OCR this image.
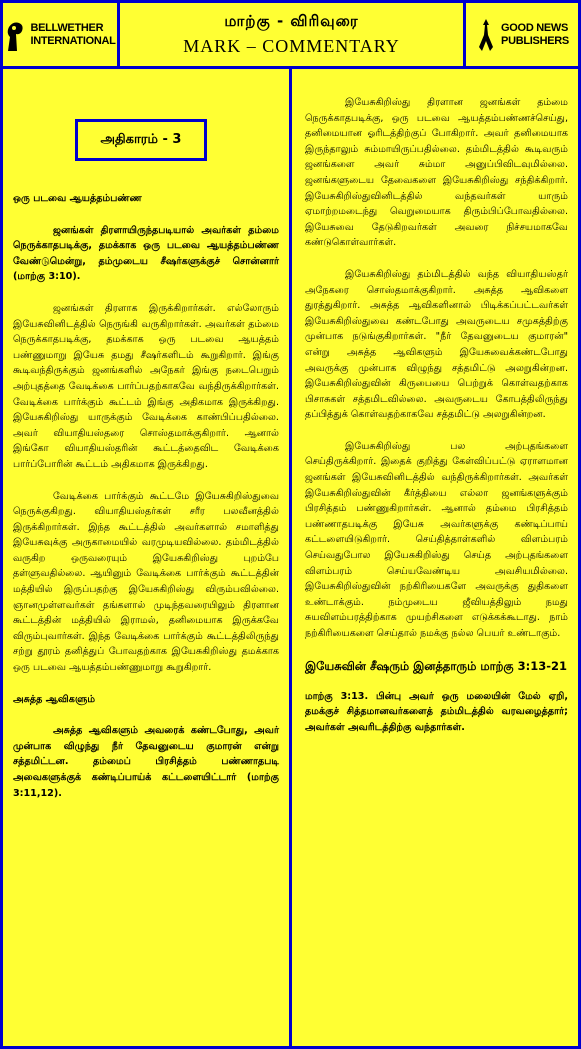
BELLWETHER
INTERNATIONAL
மாற்கு - விரிவுரை
MARK – COMMENTARY
GOOD NEWS
PUBLISHERS
அதிகாரம் - 3
ஒரு படவை ஆயத்தம்பண்ண

ஜனங்கள் திரளாயிருந்தபடியால் அவர்கள் தம்மை நெருக்காதபடிக்கு, தமக்காக ஒரு படவை ஆயத்தம்பண்ண வேண்டுமென்று, தம்முடைய சீஷர்களுக்குச் சொன்னார் (மாற்கு 3:10).

ஜனங்கள் திரளாக இருக்கிறார்கள். எல்லோரும் இயேசுவினிடத்தில் நெருங்கி வருகிறார்கள். அவர்கள் தம்மை நெருக்காதபடிக்கு, தமக்காக ஒரு படவை ஆயத்தம் பண்ணுமாறு இயேசு தமது சீஷர்களிடம் கூறுகிறார். இங்கு கூடிவந்திருக்கும் ஜனங்களில் அநேகர் இங்கு நடைபெறும் அற்புதத்தை வேடிக்கை பார்ப்பதற்காகவே வந்திருக்கிறார்கள். வேடிக்கை பார்க்கும் கூட்டம் இங்கு அதிகமாக இருக்கிறது. இயேசுகிறிஸ்து யாருக்கும் வேடிக்கை காண்பிப்பதில்லை. அவர் வியாதியஸ்தரை சொஸ்தமாக்குகிறார். ஆனால் இங்கோ வியாதியஸ்தரின் கூட்டத்தைவிட வேடிக்கை பார்ப்போரின் கூட்டம் அதிகமாக இருக்கிறது.

வேடிக்கை பார்க்கும் கூட்டமே இயேசுகிறிஸ்துவை நெருக்குகிறது. வியாதியஸ்தர்கள் சரீர பலவீனத்தில் இருக்கிறார்கள். இந்த கூட்டத்தில் அவர்களால் சமாளித்து இயேசுவுக்கு அருகாமையில் வரமுடியவில்லை. தம்மிடத்தில் வருகிற ஒருவரையும் இயேசுகிறிஸ்து புறம்பே தள்ளுவதில்லை. ஆயினும் வேடிக்கை பார்க்கும் கூட்டத்தின் மத்தியில் இருப்பதற்கு இயேசுகிறிஸ்து விரும்பவில்லை. ஞானமுள்ளவர்கள் தங்களால் முடிந்தவரையிலும் திரளான கூட்டத்தின் மத்தியில் இராமல், தனிமையாக இருக்கவே விரும்புவார்கள். இந்த வேடிக்கை பார்க்கும் கூட்டத்திலிருந்து சற்று தூரம் தனித்துப் போவதற்காக இயேசுகிறிஸ்து தமக்காக ஒரு படவை ஆயத்தம்பண்ணுமாறு கூறுகிறார்.

அசுத்த ஆவிகளும்

அசுத்த ஆவிகளும் அவரைக் கண்டபோது, அவர் முன்பாக விழுந்து நீர் தேவனுடைய குமாரன் என்று சத்தமிட்டன. தம்மைப் பிரசித்தம் பண்ணாதபடி அவைகளுக்குக் கண்டிப்பாய்க் கட்டளையிட்டார் (மாற்கு 3:11,12).

இயேசுகிறிஸ்து திரளான ஜனங்கள் தம்மை நெருக்காதபடிக்கு, ஒரு படவை ஆயத்தம்பண்ணச்செய்து, தனிமையான ஓரிடத்திற்குப் போகிறார். அவர் தனிமையாக இருந்தாலும் சும்மாயிருப்பதில்லை. தம்மிடத்தில் கூடிவரும் ஜனங்களை அவர் சும்மா அனுப்பிவிடவுமில்லை. ஜனங்களுடைய தேவைகளை இயேசுகிறிஸ்து சந்திக்கிறார். இயேசுகிறிஸ்துவினிடத்தில் வந்தவர்கள் யாரும் ஏமாற்றமடைந்து வெறுமையாக திரும்பிப்போவதில்லை. இயேசுவை தேடுகிறவர்கள் அவரை நிச்சயமாகவே கண்டுகொள்வார்கள்.

இயேசுகிறிஸ்து தம்மிடத்தில் வந்த வியாதியஸ்தர் அநேகரை சொஸ்தமாக்குகிறார். அசுத்த ஆவிகளை துரத்துகிறார். அசுத்த ஆவிகளினால் பிடிக்கப்பட்டவர்கள் இயேசுகிறிஸ்துவை கண்டபோது அவருடைய சமுகத்திற்கு முன்பாக நடுங்குகிறார்கள். "நீர் தேவனுடைய குமாரன்" என்று அசுத்த ஆவிகளும் இயேசுவைக்கண்டபோது அவருக்கு முன்பாக விழுந்து சத்தமிட்டு அலறுகின்றன. இயேசுகிறிஸ்துவின் கிருபையை பெற்றுக் கொள்வதற்காக பிசாசுகள் சத்தமிடவில்லை. அவருடைய கோபத்திலிருந்து தப்பித்துக் கொள்வதற்காகவே சத்தமிட்டு அலறுகின்றன.

இயேசுகிறிஸ்து பல அற்புதங்களை செய்திருக்கிறார். இதைக் குறித்து கேள்விப்பட்டு ஏராளமான ஜனங்கள் இயேசுவினிடத்தில் வந்திருக்கிறார்கள். அவர்கள் இயேசுகிறிஸ்துவின் கீர்த்தியை எல்லா ஜனங்களுக்கும் பிரசித்தம் பண்ணுகிறார்கள். ஆனால் தம்மை பிரசித்தம் பண்ணாதபடிக்கு இயேசு அவர்களுக்கு கண்டிப்பாய் கட்டளையிடுகிறார். செய்தித்தாள்களில் விளம்பரம் செய்வதுபோல இயேசுகிறிஸ்து செய்த அற்புதங்களை விளம்பரம் செய்யவேண்டிய அவசியமில்லை. இயேசுகிறிஸ்துவின் நற்கிரியைகளே அவருக்கு துதிகளை உண்டாக்கும். நம்முடைய ஜீவியத்திலும் நமது சுயவிளம்பரத்திற்காக முயற்சிகளை எடுக்கக்கூடாது. நாம் நற்கிரியைகளை செய்தால் நமக்கு நல்ல பெயர் உண்டாகும்.

இயேசுவின் சீஷரும் இனத்தாரும் மாற்கு 3:13-21

மாற்கு 3:13. பின்பு அவர் ஒரு மலையின் மேல் ஏறி, தமக்குச் சித்தமானவர்களைத் தம்மிடத்தில் வரவழைத்தார்; அவர்கள் அவரிடத்திற்கு வந்தார்கள்.
